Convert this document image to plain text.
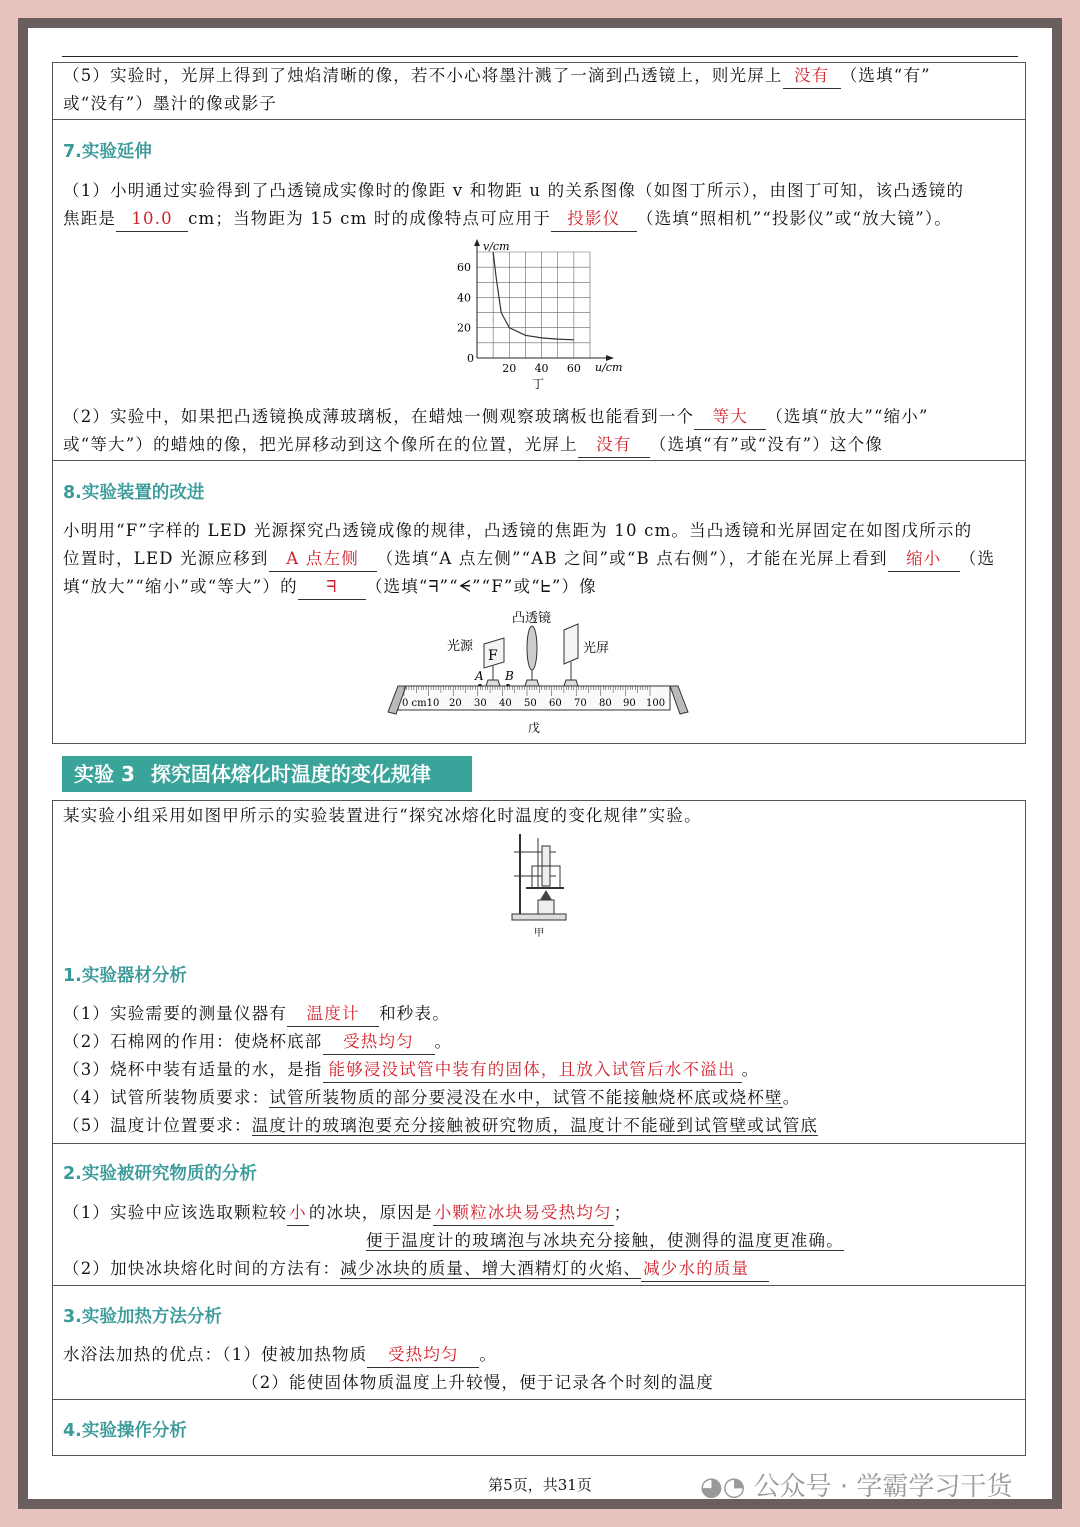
（5）实验时，光屏上得到了烛焰清晰的像，若不小心将墨汁溅了一滴到凸透镜上，则光屏上 没有 （选填“有”
或“没有”）墨汁的像或影子
7.实验延伸
（1）小明通过实验得到了凸透镜成实像时的像距 v 和物距 u 的关系图像（如图丁所示），由图丁可知，该凸透镜的
焦距是 10.0 cm；当物距为 15 cm 时的成像特点可应用于 投影仪 （选填“照相机”“投影仪”或“放大镜”）。
v/cm
u/cm
丁
20 40 60
0
20
40
60
（2）实验中，如果把凸透镜换成薄玻璃板，在蜡烛一侧观察玻璃板也能看到一个 等大 （选填“放大”“缩小”
或“等大”）的蜡烛的像，把光屏移动到这个像所在的位置，光屏上 没有 （选填“有”或“没有”）这个像
8.实验装置的改进
小明用“F”字样的 LED 光源探究凸透镜成像的规律，凸透镜的焦距为 10 cm。当凸透镜和光屏固定在如图戊所示的
位置时，LED 光源应移到 A 点左侧 （选填“A 点左侧”“AB 之间”或“B 点右侧”），才能在光屏上看到 缩小 （选
填“放大”“缩小”或“等大”）的 ᖷ （选填“ᖷ”“ᗕ”“F”或“ᖶ”）像
凸透镜
光源	光屏
F
A B
0 cm10 20 30 40 50 60 70 80 90 100
戊
实验 3 探究固体熔化时温度的变化规律
某实验小组采用如图甲所示的实验装置进行“探究冰熔化时温度的变化规律”实验。
甲
1.实验器材分析
（1）实验需要的测量仪器有 温度计 和秒表。
（2）石棉网的作用：使烧杯底部 受热均匀 。
（3）烧杯中装有适量的水，是指 能够浸没试管中装有的固体，且放入试管后水不溢出 。
（4）试管所装物质要求：试管所装物质的部分要浸没在水中，试管不能接触烧杯底或烧杯壁。
（5）温度计位置要求：温度计的玻璃泡要充分接触被研究物质，温度计不能碰到试管壁或试管底
2.实验被研究物质的分析
（1）实验中应该选取颗粒较 小 的冰块，原因是 小颗粒冰块易受热均匀 ；
便于温度计的玻璃泡与冰块充分接触，使测得的温度更准确。
（2）加快冰块熔化时间的方法有：减少冰块的质量、增大酒精灯的火焰、 减少水的质量
3.实验加热方法分析
水浴法加热的优点：（1）使被加热物质 受热均匀 。
（2）能使固体物质温度上升较慢，便于记录各个时刻的温度
4.实验操作分析
第5页，共31页	◕◔ 公众号 · 学霸学习干货
